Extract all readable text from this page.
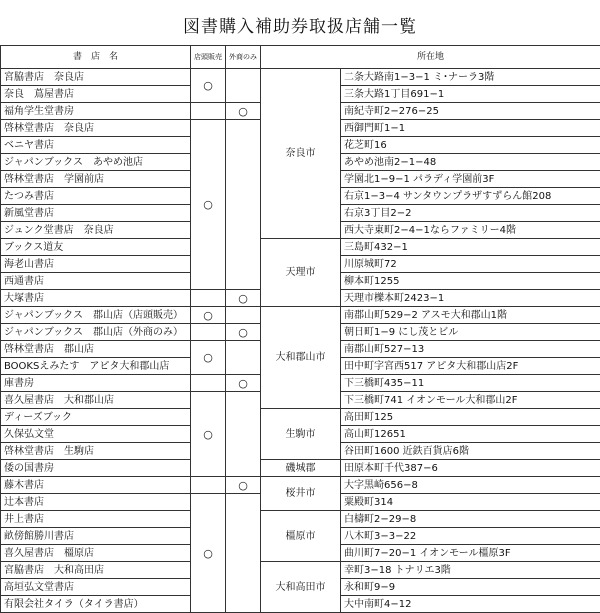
図書購入補助券取扱店舗一覧
書　店　名	店頭販売	外商のみ	所在地	
宮脇書店　奈良店	○		奈良市	二条大路南1−3−1 ミ･ナーラ3階
奈良　蔦屋書店				三条大路1丁目691−1
福角学生堂書房		○		南紀寺町2−276−25
啓林堂書店　奈良店	○			西御門町1−1
ベニヤ書店				花芝町16
ジャパンブックス　あやめ池店				あやめ池南2−1−48
啓林堂書店　学園前店				学園北1−9−1 パラディ学園前3F
たつみ書店				右京1−3−4 サンタウンプラザすずらん館208
新風堂書店				右京3丁目2−2
ジュンク堂書店　奈良店				西大寺東町2−4−1ならファミリー4階
ブックス道友			天理市	三島町432−1
海老山書店				川原城町72
西通書店				柳本町1255
大塚書店		○		天理市櫟本町2423−1
ジャパンブックス　郡山店（店頭販売）	○		大和郡山市	南郡山町529−2 アスモ大和郡山1階
ジャパンブックス　郡山店（外商のみ）		○		朝日町1−9 にし茂とビル
啓林堂書店　郡山店	○			南郡山町527−13
BOOKSえみたす　アピタ大和郡山店				田中町字宮西517 アピタ大和郡山店2F
庫書房		○		下三橋町435−11
喜久屋書店　大和郡山店	○			下三橋町741 イオンモール大和郡山2F
ディーズブック			生駒市	高田町125
久保弘文堂				高山町12651
啓林堂書店　生駒店				谷田町1600 近鉄百貨店6階
倭の国書房			磯城郡	田原本町千代387−6
藤木書店		○	桜井市	大字黒崎656−8
辻本書店	○			粟殿町314
井上書店			橿原市	白檮町2−29−8
畝傍館勝川書店				八木町3−3−22
喜久屋書店　橿原店				曲川町7−20−1 イオンモール橿原3F
宮脇書店　大和高田店			大和高田市	幸町3−18 トナリエ3階
高垣弘文堂書店				永和町9−9
有限会社タイラ（タイラ書店）				大中南町4−12
